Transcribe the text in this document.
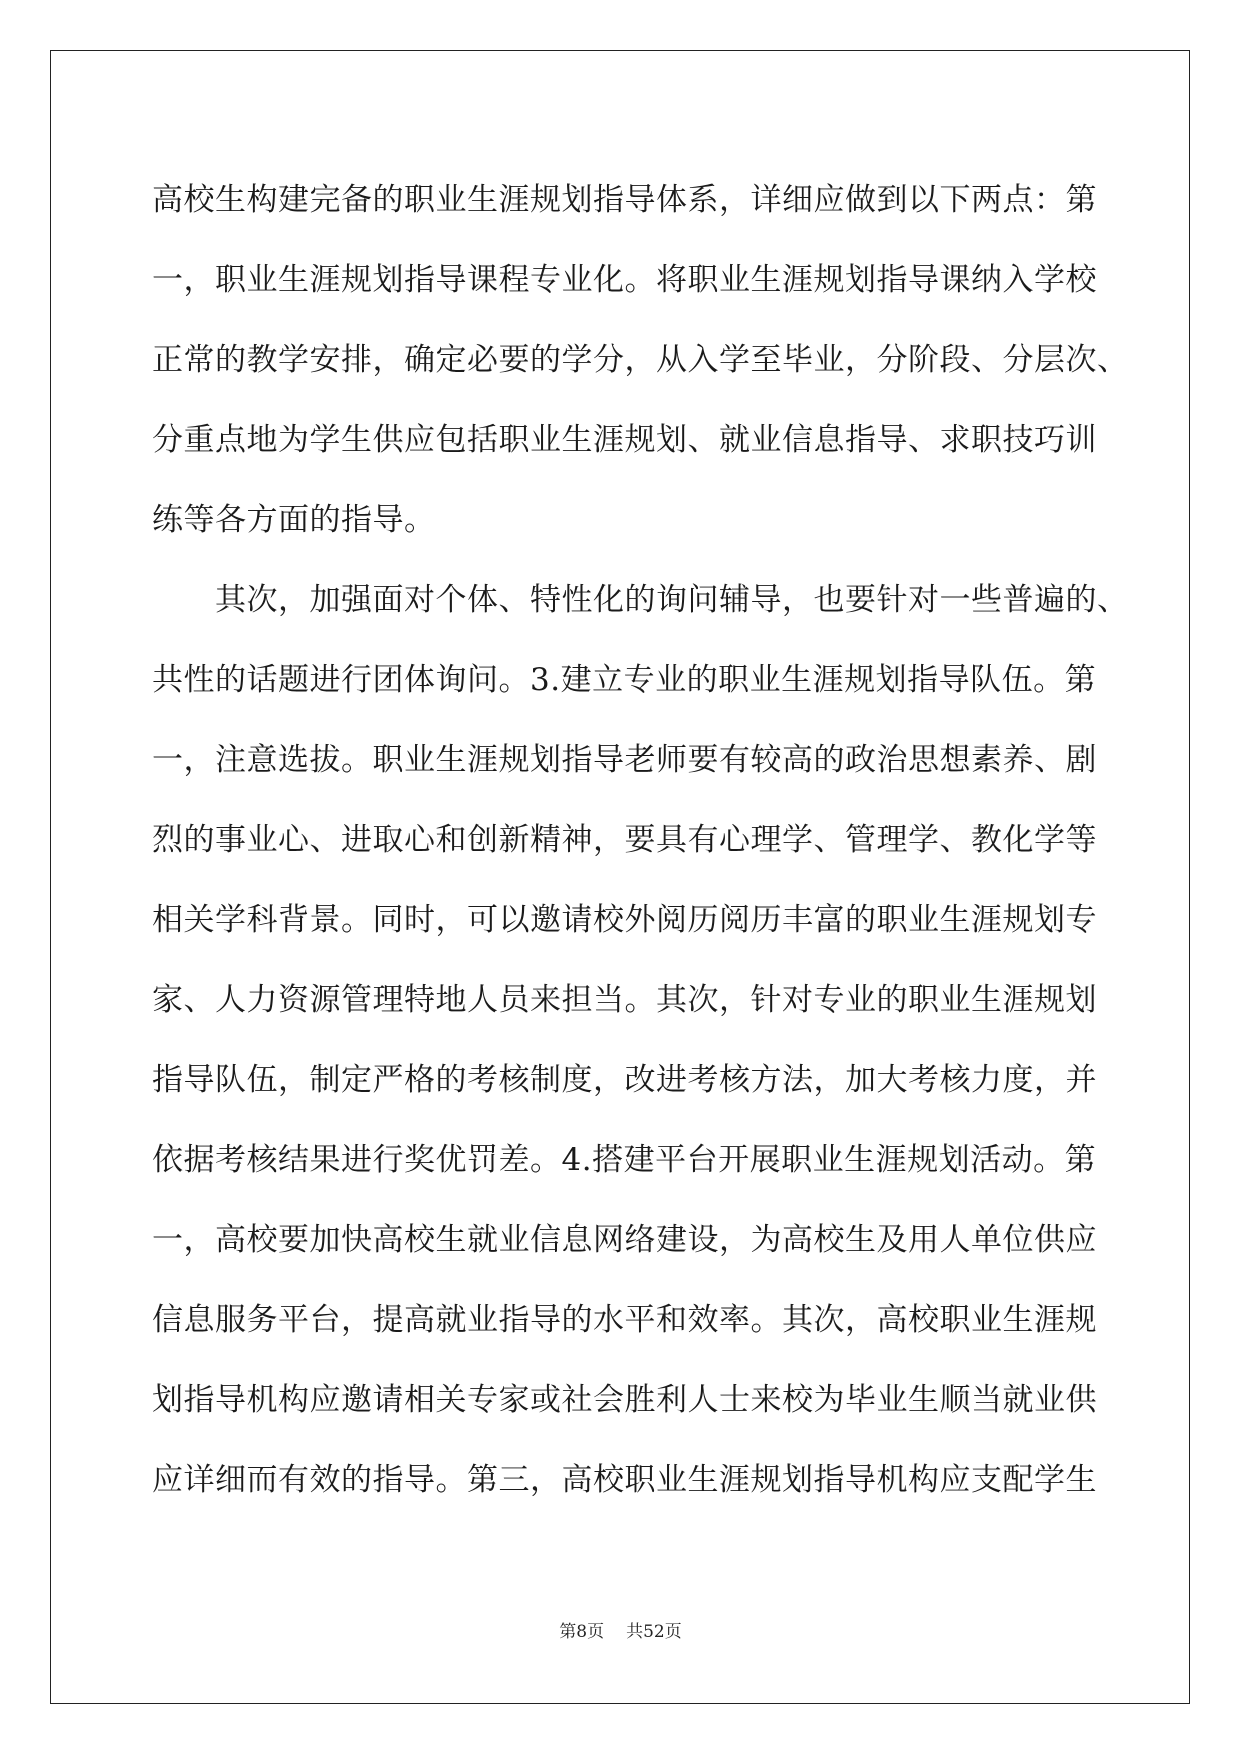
高校生构建完备的职业生涯规划指导体系，详细应做到以下两点：第
一，职业生涯规划指导课程专业化。将职业生涯规划指导课纳入学校
正常的教学安排，确定必要的学分，从入学至毕业，分阶段、分层次、
分重点地为学生供应包括职业生涯规划、就业信息指导、求职技巧训
练等各方面的指导。
　　其次，加强面对个体、特性化的询问辅导，也要针对一些普遍的、
共性的话题进行团体询问。3.建立专业的职业生涯规划指导队伍。第
一，注意选拔。职业生涯规划指导老师要有较高的政治思想素养、剧
烈的事业心、进取心和创新精神，要具有心理学、管理学、教化学等
相关学科背景。同时，可以邀请校外阅历阅历丰富的职业生涯规划专
家、人力资源管理特地人员来担当。其次，针对专业的职业生涯规划
指导队伍，制定严格的考核制度，改进考核方法，加大考核力度，并
依据考核结果进行奖优罚差。4.搭建平台开展职业生涯规划活动。第
一，高校要加快高校生就业信息网络建设，为高校生及用人单位供应
信息服务平台，提高就业指导的水平和效率。其次，高校职业生涯规
划指导机构应邀请相关专家或社会胜利人士来校为毕业生顺当就业供
应详细而有效的指导。第三，高校职业生涯规划指导机构应支配学生
第8页 共52页
